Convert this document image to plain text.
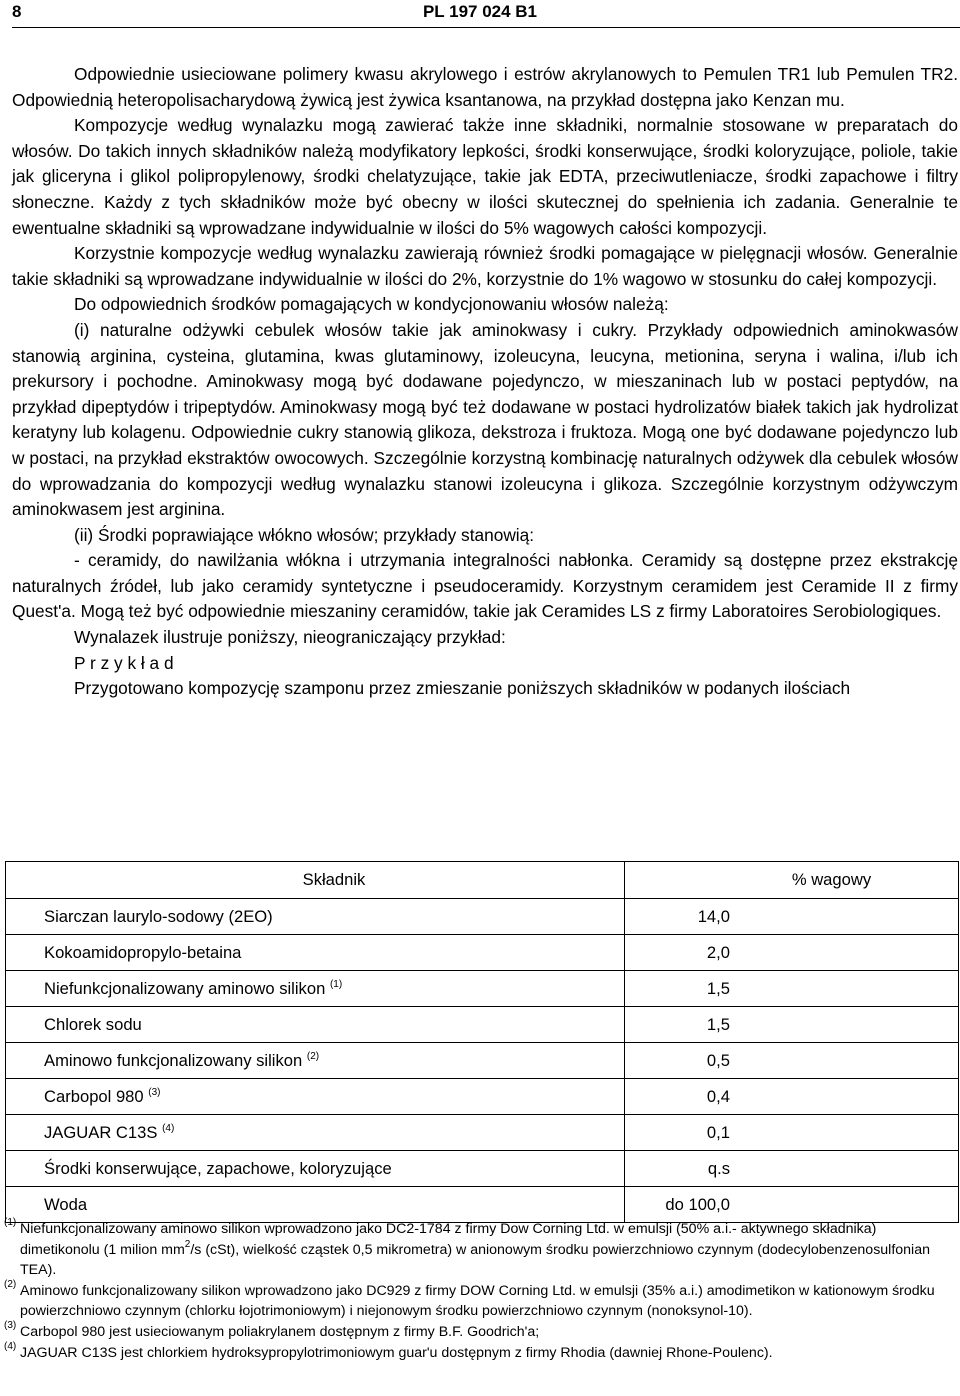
8	PL 197 024 B1

Odpowiednie usieciowane polimery kwasu akrylowego i estrów akrylanowych to Pemulen TR1 lub Pemulen TR2. Odpowiednią heteropolisacharydową żywicą jest żywica ksantanowa, na przykład dostępna jako Kenzan mu.

Kompozycje według wynalazku mogą zawierać także inne składniki, normalnie stosowane w preparatach do włosów. Do takich innych składników należą modyfikatory lepkości, środki konserwujące, środki koloryzujące, poliole, takie jak gliceryna i glikol polipropylenowy, środki chelatyzujące, takie jak EDTA, przeciwutleniacze, środki zapachowe i filtry słoneczne. Każdy z tych składników może być obecny w ilości skutecznej do spełnienia ich zadania. Generalnie te ewentualne składniki są wprowadzane indywidualnie w ilości do 5% wagowych całości kompozycji.

Korzystnie kompozycje według wynalazku zawierają również środki pomagające w pielęgnacji włosów. Generalnie takie składniki są wprowadzane indywidualnie w ilości do 2%, korzystnie do 1% wagowo w stosunku do całej kompozycji.

Do odpowiednich środków pomagających w kondycjonowaniu włosów należą:

(i) naturalne odżywki cebulek włosów takie jak aminokwasy i cukry. Przykłady odpowiednich aminokwasów stanowią arginina, cysteina, glutamina, kwas glutaminowy, izoleucyna, leucyna, metionina, seryna i walina, i/lub ich prekursory i pochodne. Aminokwasy mogą być dodawane pojedynczo, w mieszaninach lub w postaci peptydów, na przykład dipeptydów i tripeptydów. Aminokwasy mogą być też dodawane w postaci hydrolizatów białek takich jak hydrolizat keratyny lub kolagenu. Odpowiednie cukry stanowią glikoza, dekstroza i fruktoza. Mogą one być dodawane pojedynczo lub w postaci, na przykład ekstraktów owocowych. Szczególnie korzystną kombinację naturalnych odżywek dla cebulek włosów do wprowadzania do kompozycji według wynalazku stanowi izoleucyna i glikoza. Szczególnie korzystnym odżywczym aminokwasem jest arginina.

(ii) Środki poprawiające włókno włosów; przykłady stanowią:

- ceramidy, do nawilżania włókna i utrzymania integralności nabłonka. Ceramidy są dostępne przez ekstrakcję naturalnych źródeł, lub jako ceramidy syntetyczne i pseudoceramidy. Korzystnym ceramidem jest Ceramide II z firmy Quest'a. Mogą też być odpowiednie mieszaniny ceramidów, takie jak Ceramides LS z firmy Laboratoires Serobiologiques.

Wynalazek ilustruje poniższy, nieograniczający przykład:

P r z y k ł a d

Przygotowano kompozycję szamponu przez zmieszanie poniższych składników w podanych ilościach

Składnik	% wagowy
Siarczan laurylo-sodowy (2EO)	14,0
Kokoamidopropylo-betaina	2,0
Niefunkcjonalizowany aminowo silikon $^{(1)}$	1,5
Chlorek sodu	1,5
Aminowo funkcjonalizowany silikon $^{(2)}$	0,5
Carbopol 980 $^{(3)}$	0,4
JAGUAR C13S $^{(4)}$	0,1
Środki konserwujące, zapachowe, koloryzujące	q.s
Woda	do 100,0

(1) Niefunkcjonalizowany aminowo silikon wprowadzono jako DC2-1784 z firmy Dow Corning Ltd. w emulsji (50% a.i.- aktywnego składnika) dimetikonolu (1 milion $mm^2/s$ (cSt), wielkość cząstek 0,5 mikrometra) w anionowym środku powierzchniowo czynnym (dodecylobenzenosulfonian TEA).

(2) Aminowo funkcjonalizowany silikon wprowadzono jako DC929 z firmy DOW Corning Ltd. w emulsji (35% a.i.) amodimetikon w kationowym środku powierzchniowo czynnym (chlorku łojotrimoniowym) i niejonowym środku powierzchniowo czynnym (nonoksynol-10).

(3) Carbopol 980 jest usieciowanym poliakrylanem dostępnym z firmy B.F. Goodrich'a;

(4) JAGUAR C13S jest chlorkiem hydroksypropylotrimoniowym guar'u dostępnym z firmy Rhodia (dawniej Rhone-Poulenc).
